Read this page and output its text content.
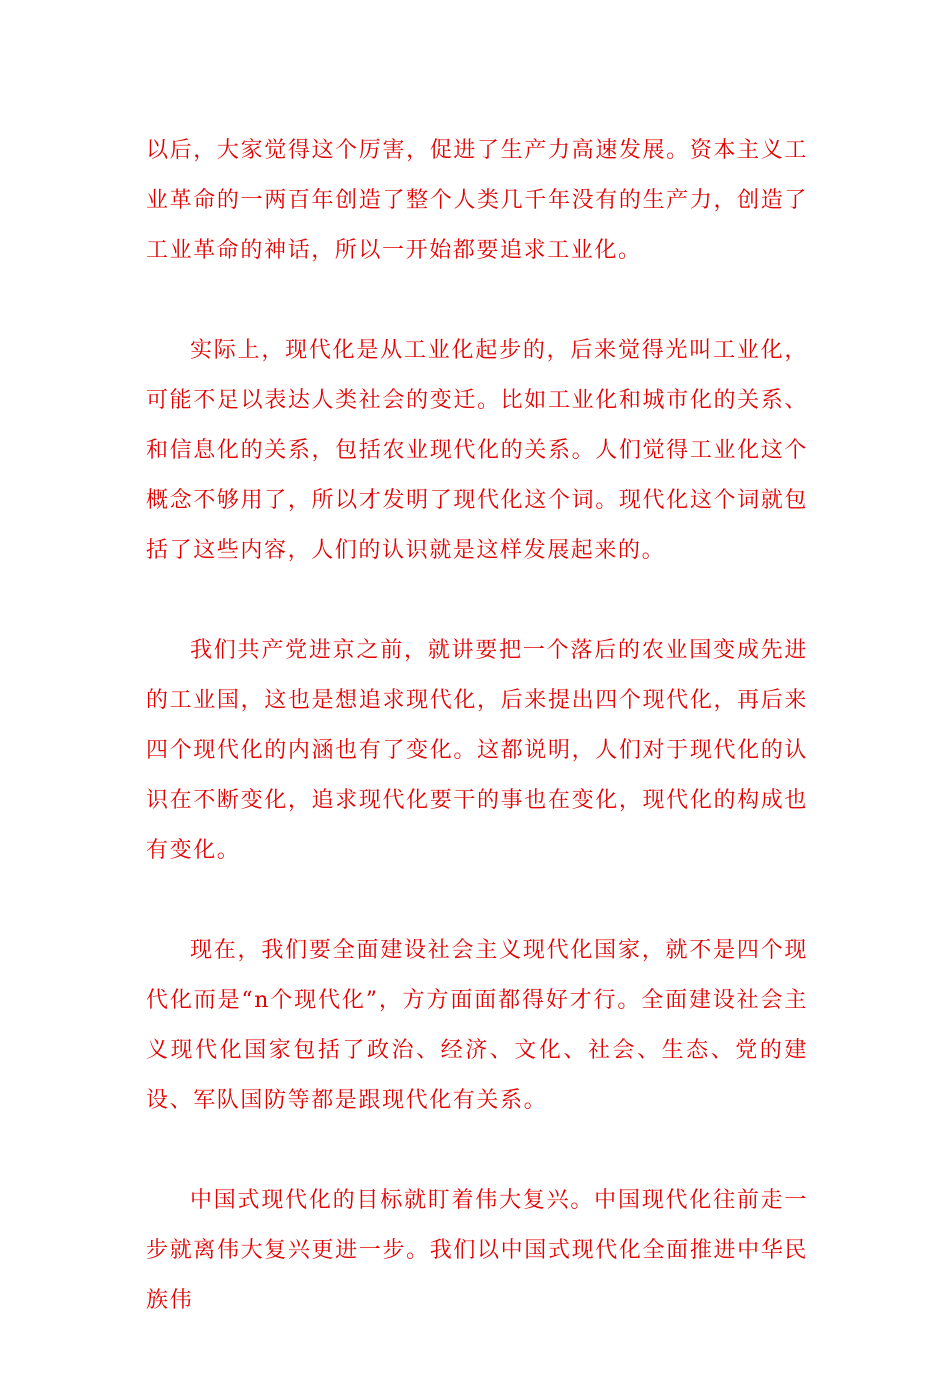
以后，大家觉得这个厉害，促进了生产力高速发展。资本主义工业革命的一两百年创造了整个人类几千年没有的生产力，创造了工业革命的神话，所以一开始都要追求工业化。

实际上，现代化是从工业化起步的，后来觉得光叫工业化，可能不足以表达人类社会的变迁。比如工业化和城市化的关系、和信息化的关系，包括农业现代化的关系。人们觉得工业化这个概念不够用了，所以才发明了现代化这个词。现代化这个词就包括了这些内容，人们的认识就是这样发展起来的。

我们共产党进京之前，就讲要把一个落后的农业国变成先进的工业国，这也是想追求现代化，后来提出四个现代化，再后来四个现代化的内涵也有了变化。这都说明，人们对于现代化的认识在不断变化，追求现代化要干的事也在变化，现代化的构成也有变化。

现在，我们要全面建设社会主义现代化国家，就不是四个现代化而是“n个现代化”，方方面面都得好才行。全面建设社会主义现代化国家包括了政治、经济、文化、社会、生态、党的建设、军队国防等都是跟现代化有关系。

中国式现代化的目标就盯着伟大复兴。中国现代化往前走一步就离伟大复兴更进一步。我们以中国式现代化全面推进中华民族伟
